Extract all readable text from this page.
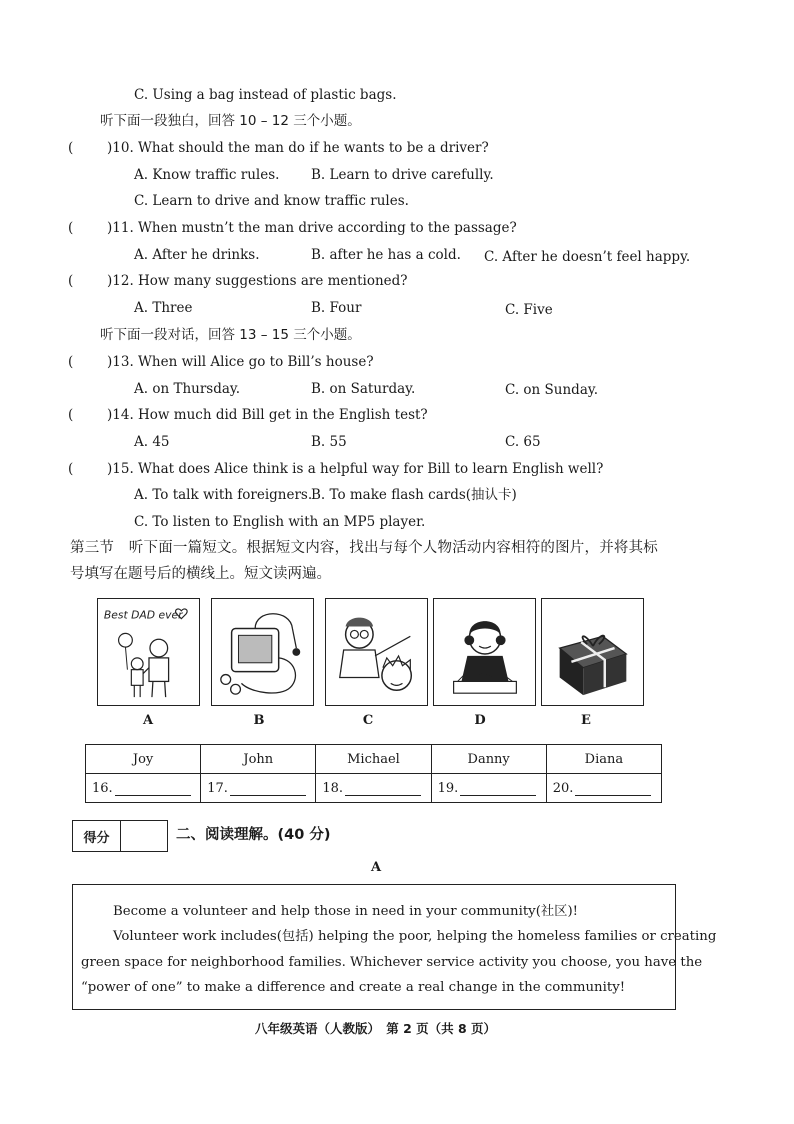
C. Using a bag instead of plastic bags.
听下面一段独白，回答 10 – 12 三个小题。
( )10. What should the man do if he wants to be a driver?
A. Know traffic rules. B. Learn to drive carefully.
C. Learn to drive and know traffic rules.
( )11. When mustn’t the man drive according to the passage?
A. After he drinks.	B. after he has a cold. C. After he doesn’t feel happy.
( )12. How many suggestions are mentioned?
A. Three	B. Four	C. Five
听下面一段对话，回答 13 – 15 三个小题。
( )13. When will Alice go to Bill’s house?
A. on Thursday.	B. on Saturday.	C. on Sunday.
( )14. How much did Bill get in the English test?
A. 45	B. 55	C. 65
( )15. What does Alice think is a helpful way for Bill to learn English well?
A. To talk with foreigners.
B. To make flash cards(抽认卡)
C. To listen to English with an MP5 player.
第三节　听下面一篇短文。根据短文内容，找出与每个人物活动内容相符的图片，并将其标
号填写在题号后的横线上。短文读两遍。
Best DAD ever
A	B	C	D	E
Joy	John	Michael	Danny	Diana
16.	17.	18.	19.	20.
得分	二、阅读理解。(40 分)
A
Become a volunteer and help those in need in your community(社区)!
Volunteer work includes(包括) helping the poor, helping the homeless families or creating
green space for neighborhood families. Whichever service activity you choose, you have the
“power of one” to make a difference and create a real change in the community!
八年级英语（人教版）　第 2 页（共 8 页）
